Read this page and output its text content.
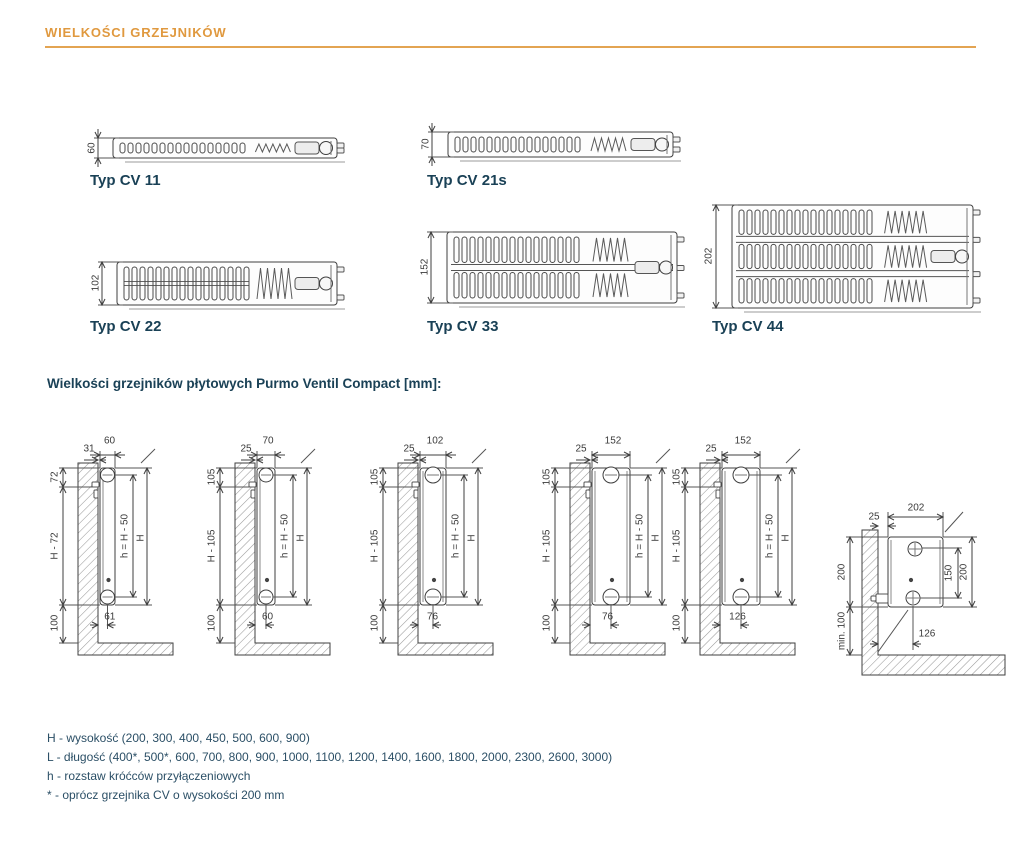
WIELKOŚCI GRZEJNIKÓW
Wielkości grzejników płytowych Purmo Ventil Compact [mm]:
H - wysokość (200, 300, 400, 450, 500, 600, 900)
L - długość (400*, 500*, 600, 700, 800, 900, 1000, 1100, 1200, 1400, 1600, 1800, 2000, 2300, 2600, 3000)
h - rozstaw króćców przyłączeniowych
* - oprócz grzejnika CV o wysokości 200 mm
60
Typ CV 11
70
Typ CV 21s
102
Typ CV 22
152
Typ CV 33
202
Typ CV 44
31
60
72
H - 72
100
h = H - 50 H
61
25
70
105
H - 105
100
h = H - 50 H
60
25
102
105
H - 105
100
h = H - 50 H
76
25
152
105
H - 105
100
h = H - 50 H
76
25
152
105
H - 105
100
h = H - 50 H
126
202
25
150 200
200
min. 100	126
